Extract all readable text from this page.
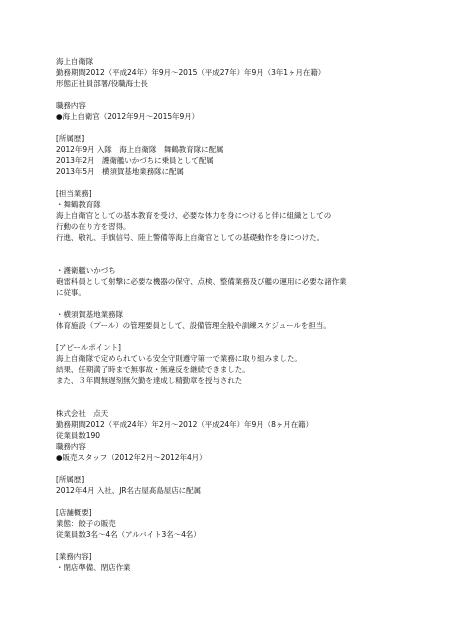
海上自衛隊
勤務期間2012（平成24年）年9月～2015（平成27年）年9月（3年1ヶ月在籍）
形態正社員部署/役職海士長
職務内容
●海上自衛官（2012年9月～2015年9月）
[所属歴]
2012年9月 入隊　 海上自衛隊　舞鶴教育隊に配属
2013年2月 護衛艦いかづちに乗員として配属
2013年5月 横須賀基地業務隊に配属
[担当業務]
・舞鶴教育隊
海上自衛官としての基本教育を受け、必要な体力を身につけると伴に組織としての
行動の在り方を習得。
行進、敬礼、手旗信号、陸上警備等海上自衛官としての基礎動作を身につけた。
・護衛艦いかづち
砲雷科員として射撃に必要な機器の保守、点検、整備業務及び艦の運用に必要な諸作業
に従事。
・横須賀基地業務隊
体育施設（プール）の管理要員として、設備管理全般や訓練スケジュールを担当。
[アピールポイント]
海上自衛隊で定められている安全守則遵守第一で業務に取り組みました。
結果、任期満了時まで無事故・無違反を継続できました。
また、３年間無遅刻無欠勤を達成し精勤章を授与された
株式会社　点天
勤務期間2012（平成24年）年2月～2012（平成24年）年9月（8ヶ月在籍）
従業員数190
職務内容
●販売スタッフ（2012年2月～2012年4月）
[所属歴]
2012年4月 入社、JR名古屋髙島屋店に配属
[店舗概要]
業態：餃子の販売
従業員数3名～4名（アルバイト3名～4名）
[業務内容]
・閉店準備、閉店作業
